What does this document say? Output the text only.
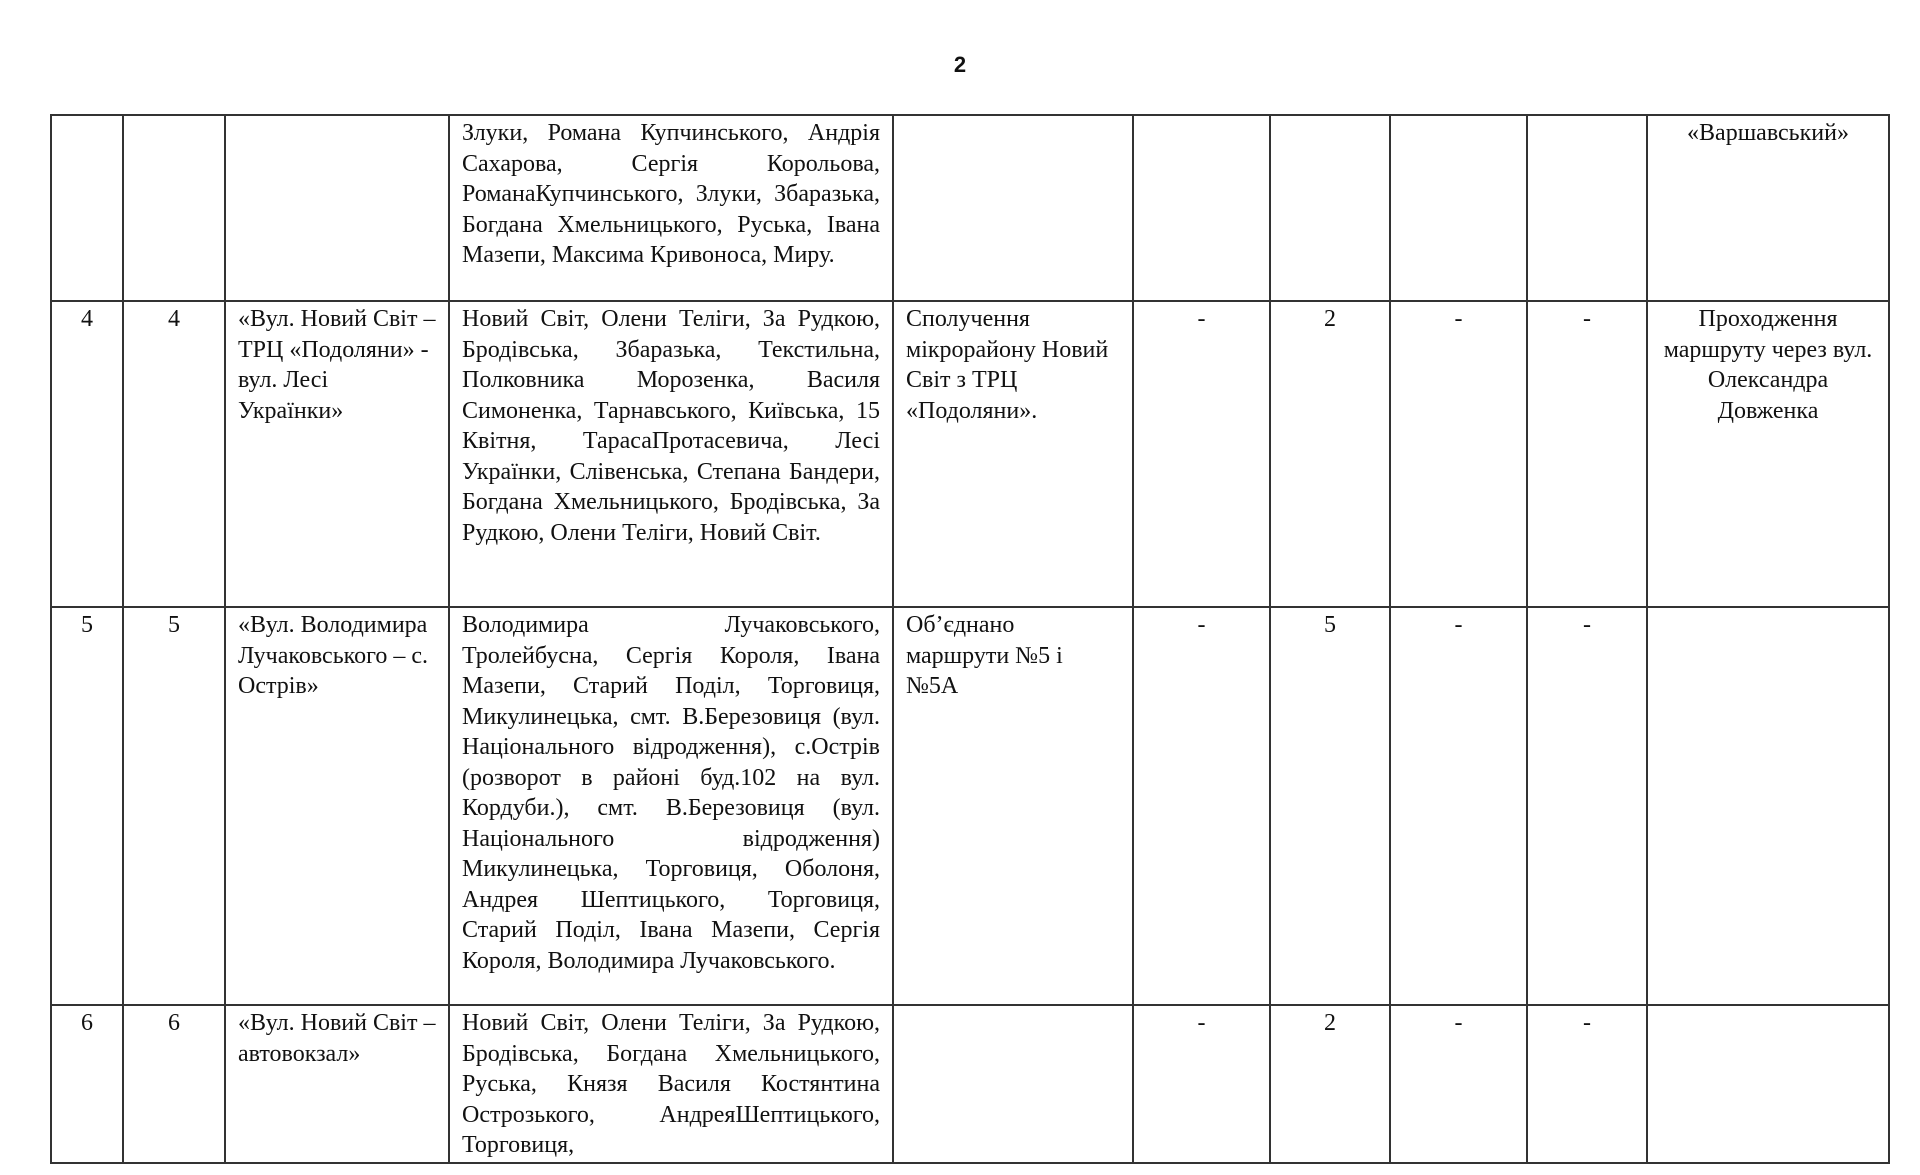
2
			Злуки, Романа Купчинського, Андрія Сахарова, Сергія Корольова, РоманаКупчинського, Злуки, Збаразька, Богдана Хмельницького, Руська, Івана Мазепи, Максима Кривоноса, Миру.						«Варшавський»
4	4	«Вул. Новий Світ – ТРЦ «Подоляни» - вул. Лесі Українки»	Новий Світ, Олени Теліги, За Рудкою, Бродівська, Збаразька, Текстильна, Полковника Морозенка, Василя Симоненка, Тарнавського, Київська, 15 Квітня, ТарасаПротасевича, Лесі Українки, Слівенська, Степана Бандери, Богдана Хмельницького, Бродівська, За Рудкою, Олени Теліги, Новий Світ.	Сполучення мікрорайону Новий Світ з ТРЦ «Подоляни».	-	2	-	-	Проходження маршруту через вул. Олександра Довженка
5	5	«Вул. Володимира Лучаковського – с. Острів»	Володимира Лучаковського, Тролейбусна, Сергія Короля, Івана Мазепи, Старий Поділ, Торговиця, Микулинецька, смт. В.Березовиця (вул. Національного відродження), с.Острів (розворот в районі буд.102 на вул. Кордуби.), смт. В.Березовиця (вул. Національного відродження) Микулинецька, Торговиця, Оболоня, Андрея Шептицького, Торговиця, Старий Поділ, Івана Мазепи, Сергія Короля, Володимира Лучаковського.	Об’єднано маршрути №5 і №5А	-	5	-	-	
6	6	«Вул. Новий Світ – автовокзал»	Новий Світ, Олени Теліги, За Рудкою, Бродівська, Богдана Хмельницького, Руська, Князя Василя Костянтина Острозького, АндреяШептицького, Торговиця,		-	2	-	-	
